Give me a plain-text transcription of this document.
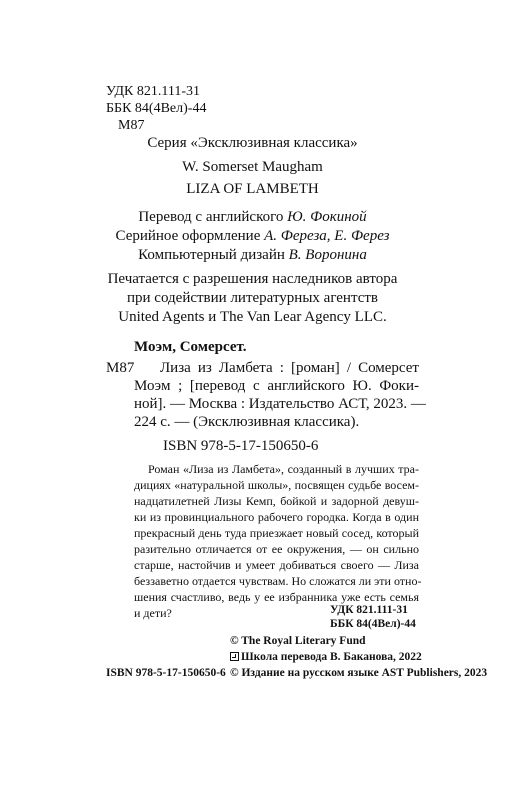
УДК 821.111-31
ББК 84(4Вел)-44
М87
Серия «Эксклюзивная классика»
W. Somerset Maugham
LIZA OF LAMBETH
Перевод с английского Ю. Фокиной
Серийное оформление А. Фереза, Е. Ферез
Компьютерный дизайн В. Воронина
Печатается с разрешения наследников автора
при содействии литературных агентств
United Agents и The Van Lear Agency LLC.
Моэм, Сомерсет.
М87	Лиза из Ламбета : [роман] / Сомерсет
Моэм ; [перевод с английского Ю. Фоки-
ной]. — Москва : Издательство АСТ, 2023. —
224 с. — (Эксклюзивная классика).
ISBN 978-5-17-150650-6
Роман «Лиза из Ламбета», созданный в лучших тра-
дициях «натуральной школы», посвящен судьбе восем-
надцатилетней Лизы Кемп, бойкой и задорной девуш-
ки из провинциального рабочего городка. Когда в один
прекрасный день туда приезжает новый сосед, который
разительно отличается от ее окружения, — он сильно
старше, настойчив и умеет добиваться своего — Лиза
беззаветно отдается чувствам. Но сложатся ли эти отно-
шения счастливо, ведь у ее избранника уже есть семья
и дети?	УДК 821.111-31
ББК 84(4Вел)-44
© The Royal Literary Fund
Школа перевода В. Баканова, 2022
ISBN 978-5-17-150650-6 © Издание на русском языке AST Publishers, 2023
